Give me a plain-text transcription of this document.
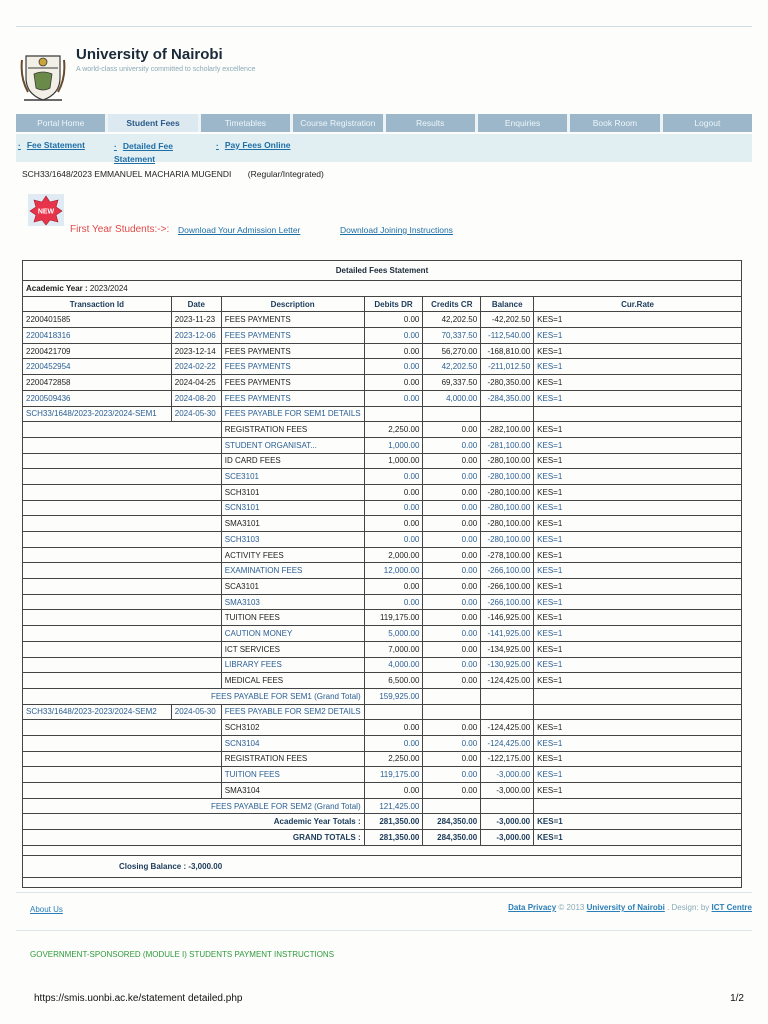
University of Nairobi
A world-class university committed to scholarly excellence
Portal Home	Student Fees	Timetables	Course Registration	Results	Enquiries	Book Room	Logout
· Fee Statement	· Detailed Fee Statement
· Pay Fees Online
SCH33/1648/2023 EMMANUEL MACHARIA MUGENDI (Regular/Integrated)
NEW
First Year Students:->: Download Your Admission Letter	Download Joining Instructions
Detailed Fees Statement						
Academic Year : 2023/2024						
Transaction Id	Date	Description	Debits DR	Credits CR	Balance	Cur.Rate
2200401585	2023-11-23	FEES PAYMENTS	0.00	42,202.50	-42,202.50	KES=1
2200418316	2023-12-06	FEES PAYMENTS	0.00	70,337.50	-112,540.00	KES=1
2200421709	2023-12-14	FEES PAYMENTS	0.00	56,270.00	-168,810.00	KES=1
2200452954	2024-02-22	FEES PAYMENTS	0.00	42,202.50	-211,012.50	KES=1
2200472858	2024-04-25	FEES PAYMENTS	0.00	69,337.50	-280,350.00	KES=1
2200509436	2024-08-20	FEES PAYMENTS	0.00	4,000.00	-284,350.00	KES=1
SCH33/1648/2023-2023/2024-SEM1	2024-05-30	FEES PAYABLE FOR SEM1 DETAILS				
		REGISTRATION FEES	2,250.00	0.00	-282,100.00	KES=1
		STUDENT ORGANISAT...	1,000.00	0.00	-281,100.00	KES=1
		ID CARD FEES	1,000.00	0.00	-280,100.00	KES=1
		SCE3101	0.00	0.00	-280,100.00	KES=1
		SCH3101	0.00	0.00	-280,100.00	KES=1
		SCN3101	0.00	0.00	-280,100.00	KES=1
		SMA3101	0.00	0.00	-280,100.00	KES=1
		SCH3103	0.00	0.00	-280,100.00	KES=1
		ACTIVITY FEES	2,000.00	0.00	-278,100.00	KES=1
		EXAMINATION FEES	12,000.00	0.00	-266,100.00	KES=1
		SCA3101	0.00	0.00	-266,100.00	KES=1
		SMA3103	0.00	0.00	-266,100.00	KES=1
		TUITION FEES	119,175.00	0.00	-146,925.00	KES=1
		CAUTION MONEY	5,000.00	0.00	-141,925.00	KES=1
		ICT SERVICES	7,000.00	0.00	-134,925.00	KES=1
		LIBRARY FEES	4,000.00	0.00	-130,925.00	KES=1
		MEDICAL FEES	6,500.00	0.00	-124,425.00	KES=1
FEES PAYABLE FOR SEM1 (Grand Total)			159,925.00			
SCH33/1648/2023-2023/2024-SEM2	2024-05-30	FEES PAYABLE FOR SEM2 DETAILS				
		SCH3102	0.00	0.00	-124,425.00	KES=1
		SCN3104	0.00	0.00	-124,425.00	KES=1
		REGISTRATION FEES	2,250.00	0.00	-122,175.00	KES=1
		TUITION FEES	119,175.00	0.00	-3,000.00	KES=1
		SMA3104	0.00	0.00	-3,000.00	KES=1
FEES PAYABLE FOR SEM2 (Grand Total)			121,425.00			
Academic Year Totals :			281,350.00	284,350.00	-3,000.00	KES=1
GRAND TOTALS :			281,350.00	284,350.00	-3,000.00	KES=1

Closing Balance : -3,000.00						

About Us	Data Privacy © 2013 University of Nairobi . Design: by ICT Centre
GOVERNMENT-SPONSORED (MODULE I) STUDENTS PAYMENT INSTRUCTIONS
https://smis.uonbi.ac.ke/statement detailed.php	1/2
